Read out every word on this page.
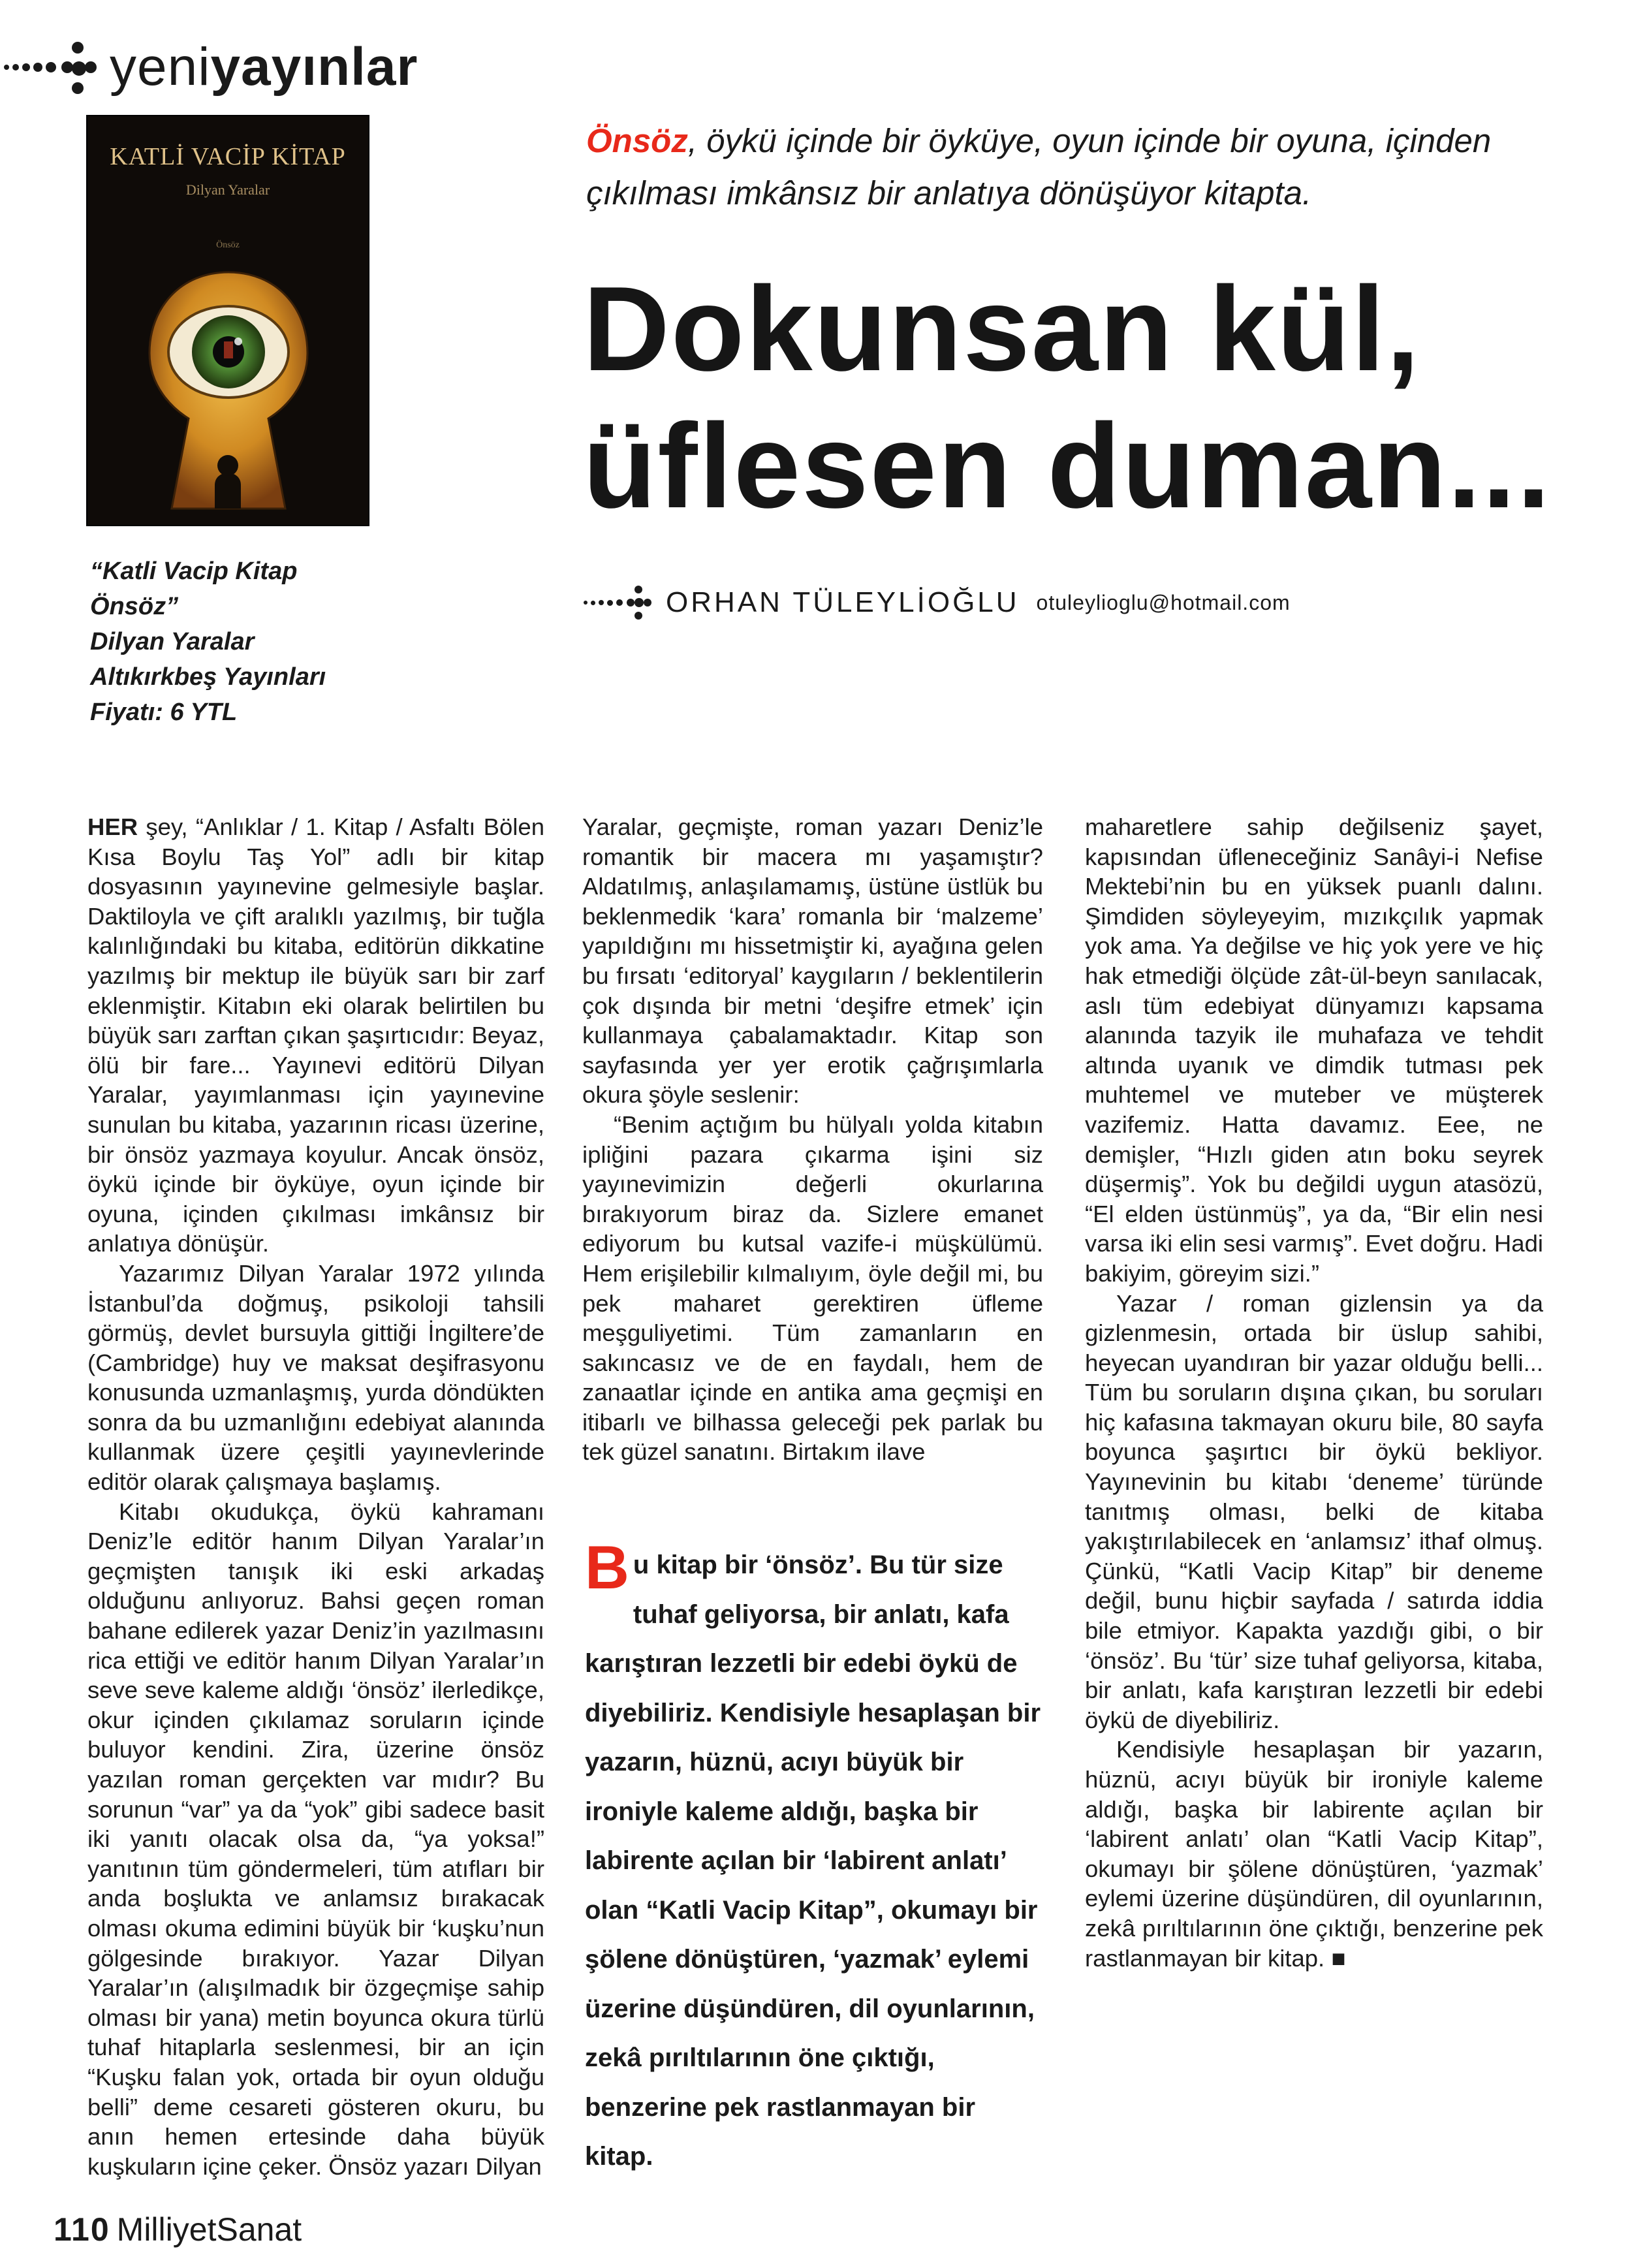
yeniyayınlar
KATLİ VACİP KİTAP
Dilyan Yaralar
Önsöz
“Katli Vacip Kitap
Önsöz”
Dilyan Yaralar
Altıkırkbeş Yayınları
Fiyatı: 6 YTL
Önsöz, öykü içinde bir öyküye, oyun içinde bir oyuna, içinden çıkılması imkânsız bir anlatıya dönüşüyor kitapta.
Dokunsan kül,
üflesen duman...
ORHAN TÜLEYLİOĞLU otuleylioglu@hotmail.com

HER şey, “Anlıklar / 1. Kitap / Asfaltı Bölen Kısa Boylu Taş Yol” adlı bir kitap dosyasının yayınevine gelmesiyle başlar. Daktiloyla ve çift aralıklı yazılmış, bir tuğla kalınlığındaki bu kitaba, editörün dikkatine yazılmış bir mektup ile büyük sarı bir zarf eklenmiştir. Kitabın eki olarak belirtilen bu büyük sarı zarftan çıkan şaşırtıcıdır: Beyaz, ölü bir fare... Yayınevi editörü Dilyan Yaralar, yayımlanması için yayınevine sunulan bu kitaba, yazarının ricası üzerine, bir önsöz yazmaya koyulur. Ancak önsöz, öykü içinde bir öyküye, oyun içinde bir oyuna, içinden çıkılması imkânsız bir anlatıya dönüşür.

Yazarımız Dilyan Yaralar 1972 yılında İstanbul’da doğmuş, psikoloji tahsili görmüş, devlet bursuyla gittiği İngiltere’de (Cambridge) huy ve maksat deşifrasyonu konusunda uzmanlaşmış, yurda döndükten sonra da bu uzmanlığını edebiyat alanında kullanmak üzere çeşitli yayınevlerinde editör olarak çalışmaya başlamış.

Kitabı okudukça, öykü kahramanı Deniz’le editör hanım Dilyan Yaralar’ın geçmişten tanışık iki eski arkadaş olduğunu anlıyoruz. Bahsi geçen roman bahane edilerek yazar Deniz’in yazılmasını rica ettiği ve editör hanım Dilyan Yaralar’ın seve seve kaleme aldığı ‘önsöz’ ilerledikçe, okur içinden çıkılamaz soruların içinde buluyor kendini. Zira, üzerine önsöz yazılan roman gerçekten var mıdır? Bu sorunun “var” ya da “yok” gibi sadece basit iki yanıtı olacak olsa da, “ya yoksa!” yanıtının tüm göndermeleri, tüm atıfları bir anda boşlukta ve anlamsız bırakacak olması okuma edimini büyük bir ‘kuşku’nun gölgesinde bırakıyor. Yazar Dilyan Yaralar’ın (alışılmadık bir özgeçmişe sahip olması bir yana) metin boyunca okura türlü tuhaf hitaplarla seslenmesi, bir an için “Kuşku falan yok, ortada bir oyun olduğu belli” deme cesareti gösteren okuru, bu anın hemen ertesinde daha büyük kuşkuların içine çeker. Önsöz yazarı Dilyan

Yaralar, geçmişte, roman yazarı Deniz’le romantik bir macera mı yaşamıştır? Aldatılmış, anlaşılamamış, üstüne üstlük bu beklenmedik ‘kara’ romanla bir ‘malzeme’ yapıldığını mı hissetmiştir ki, ayağına gelen bu fırsatı ‘editoryal’ kaygıların / beklentilerin çok dışında bir metni ‘deşifre etmek’ için kullanmaya çabalamaktadır. Kitap son sayfasında yer yer erotik çağrışımlarla okura şöyle seslenir:

“Benim açtığım bu hülyalı yolda kitabın ipliğini pazara çıkarma işini siz yayınevimizin değerli okurlarına bırakıyorum biraz da. Sizlere emanet ediyorum bu kutsal vazife-i müşkülümü. Hem erişilebilir kılmalıyım, öyle değil mi, bu pek maharet gerektiren üfleme meşguliyetimi. Tüm zamanların en sakıncasız ve de en faydalı, hem de zanaatlar içinde en antika ama geçmişi en itibarlı ve bilhassa geleceği pek parlak bu tek güzel sanatını. Birtakım ilave

Bu kitap bir ‘önsöz’. Bu tür size tuhaf geliyorsa, bir anlatı, kafa karıştıran lezzetli bir edebi öykü de diyebiliriz. Kendisiyle hesaplaşan bir yazarın, hüznü, acıyı büyük bir ironiyle kaleme aldığı, başka bir labirente açılan bir ‘labirent anlatı’ olan “Katli Vacip Kitap”, okumayı bir şölene dönüştüren, ‘yazmak’ eylemi üzerine düşündüren, dil oyunlarının, zekâ pırıltılarının öne çıktığı, benzerine pek rastlanmayan bir kitap.

maharetlere sahip değilseniz şayet, kapısından üfleneceğiniz Sanâyi-i Nefise Mektebi’nin bu en yüksek puanlı dalını. Şimdiden söyleyeyim, mızıkçılık yapmak yok ama. Ya değilse ve hiç yok yere ve hiç hak etmediği ölçüde zât-ül-beyn sanılacak, aslı tüm edebiyat dünyamızı kapsama alanında tazyik ile muhafaza ve tehdit altında uyanık ve dimdik tutması pek muhtemel ve muteber ve müşterek vazifemiz. Hatta davamız. Eee, ne demişler, “Hızlı giden atın boku seyrek düşermiş”. Yok bu değildi uygun atasözü, “El elden üstünmüş”, ya da, “Bir elin nesi varsa iki elin sesi varmış”. Evet doğru. Hadi bakiyim, göreyim sizi.”

Yazar / roman gizlensin ya da gizlenmesin, ortada bir üslup sahibi, heyecan uyandıran bir yazar olduğu belli... Tüm bu soruların dışına çıkan, bu soruları hiç kafasına takmayan okuru bile, 80 sayfa boyunca şaşırtıcı bir öykü bekliyor. Yayınevinin bu kitabı ‘deneme’ türünde tanıtmış olması, belki de kitaba yakıştırılabilecek en ‘anlamsız’ ithaf olmuş. Çünkü, “Katli Vacip Kitap” bir deneme değil, bunu hiçbir sayfada / satırda iddia bile etmiyor. Kapakta yazdığı gibi, o bir ‘önsöz’. Bu ‘tür’ size tuhaf geliyorsa, kitaba, bir anlatı, kafa karıştıran lezzetli bir edebi öykü de diyebiliriz.

Kendisiyle hesaplaşan bir yazarın, hüznü, acıyı büyük bir ironiyle kaleme aldığı, başka bir labirente açılan bir ‘labirent anlatı’ olan “Katli Vacip Kitap”, okumayı bir şölene dönüştüren, ‘yazmak’ eylemi üzerine düşündüren, dil oyunlarının, zekâ pırıltılarının öne çıktığı, benzerine pek rastlanmayan bir kitap. ■

110 Milliyet Sanat
